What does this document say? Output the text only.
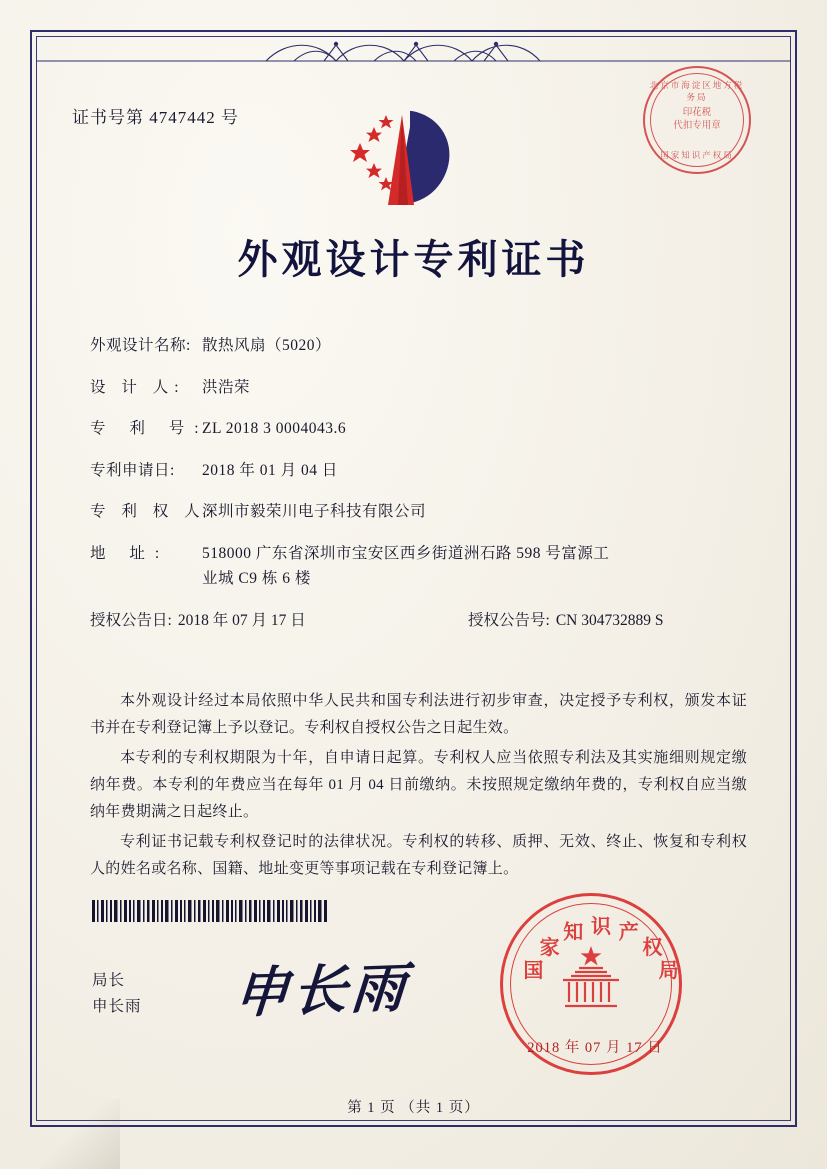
证书号第 4747442 号
北京市海淀区地方税务局
印花税
代扣专用章
国家知识产权局
外观设计专利证书
外观设计名称: 散热风扇（5020）
设 计 人:	洪浩荣
专 利 号:
ZL 2018 3 0004043.6
专利申请日:	2018 年 01 月 04 日
专 利 权 人:
深圳市毅荣川电子科技有限公司
地 址:	518000 广东省深圳市宝安区西乡街道洲石路 598 号富源工
业城 C9 栋 6 楼
授权公告日: 2018 年 07 月 17 日	授权公告号: CN 304732889 S

本外观设计经过本局依照中华人民共和国专利法进行初步审查，决定授予专利权，颁发本证书并在专利登记簿上予以登记。专利权自授权公告之日起生效。

本专利的专利权期限为十年，自申请日起算。专利权人应当依照专利法及其实施细则规定缴纳年费。本专利的年费应当在每年 01 月 04 日前缴纳。未按照规定缴纳年费的，专利权自应当缴纳年费期满之日起终止。

专利证书记载专利权登记时的法律状况。专利权的转移、质押、无效、终止、恢复和专利权人的姓名或名称、国籍、地址变更等事项记载在专利登记簿上。

局长
申长雨 申长雨	国
家
知 识 产
权
局
2018 年 07 月 17 日
第 1 页 （共 1 页）
